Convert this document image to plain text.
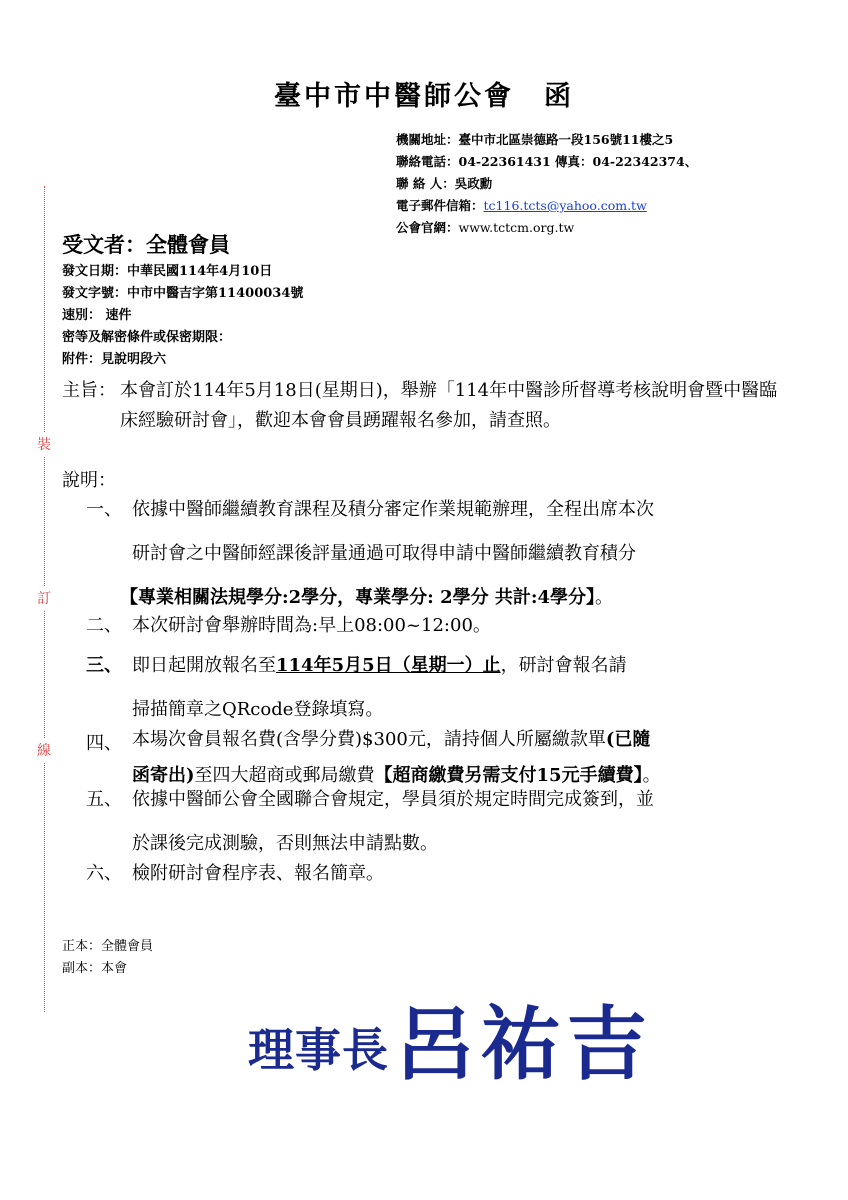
臺中市中醫師公會　函
機關地址：臺中市北區崇德路一段156號11樓之5
聯絡電話：04-22361431 傳真：04-22342374、
聯 絡 人：吳政勳
電子郵件信箱：tc116.tcts@yahoo.com.tw
公會官網：www.tctcm.org.tw
裝
訂
線
受文者：全體會員
發文日期：中華民國114年4月10日
發文字號：中市中醫吉字第11400034號
速別： 速件
密等及解密條件或保密期限：
附件：見說明段六
主旨： 本會訂於114年5月18日(星期日)，舉辦「114年中醫診所督導考核說明會暨中醫臨床經驗研討會」，歡迎本會會員踴躍報名參加，請查照。
說明：
一、 依據中醫師繼續教育課程及積分審定作業規範辦理，全程出席本次
研討會之中醫師經課後評量通過可取得申請中醫師繼續教育積分
【專業相關法規學分:2學分，專業學分: 2學分 共計:4學分】。
二、 本次研討會舉辦時間為:早上08:00~12:00。
三、 即日起開放報名至114年5月5日（星期一）止，研討會報名請
掃描簡章之QRcode登錄填寫。
四、 本場次會員報名費(含學分費)$300元，請持個人所屬繳款單(已隨
函寄出)至四大超商或郵局繳費【超商繳費另需支付15元手續費】。
五、 依據中醫師公會全國聯合會規定，學員須於規定時間完成簽到，並
於課後完成測驗，否則無法申請點數。
六、 檢附研討會程序表、報名簡章。
正本：全體會員
副本：本會
理事長 呂祐吉
